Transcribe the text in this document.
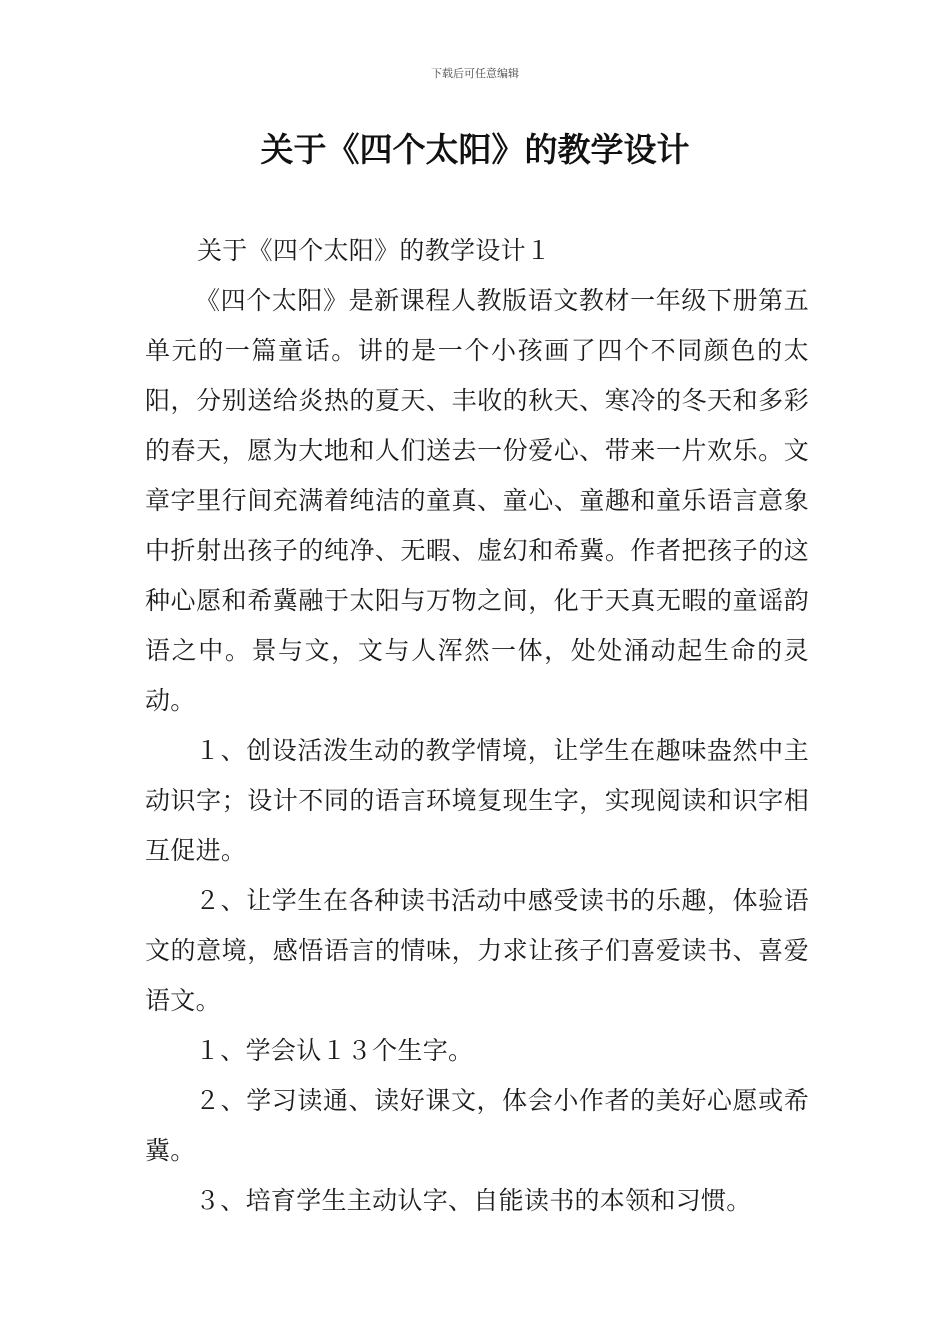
下载后可任意编辑
关于《四个太阳》的教学设计

关于《四个太阳》的教学设计１

《四个太阳》是新课程人教版语文教材一年级下册第五单元的一篇童话。讲的是一个小孩画了四个不同颜色的太阳，分别送给炎热的夏天、丰收的秋天、寒冷的冬天和多彩的春天，愿为大地和人们送去一份爱心、带来一片欢乐。文章字里行间充满着纯洁的童真、童心、童趣和童乐语言意象中折射出孩子的纯净、无暇、虚幻和希冀。作者把孩子的这种心愿和希冀融于太阳与万物之间，化于天真无暇的童谣韵语之中。景与文，文与人浑然一体，处处涌动起生命的灵动。

１、创设活泼生动的教学情境，让学生在趣味盎然中主动识字；设计不同的语言环境复现生字，实现阅读和识字相互促进。

２、让学生在各种读书活动中感受读书的乐趣，体验语文的意境，感悟语言的情味，力求让孩子们喜爱读书、喜爱语文。

１、学会认１３个生字。

２、学习读通、读好课文，体会小作者的美好心愿或希冀。

３、培育学生主动认字、自能读书的本领和习惯。
